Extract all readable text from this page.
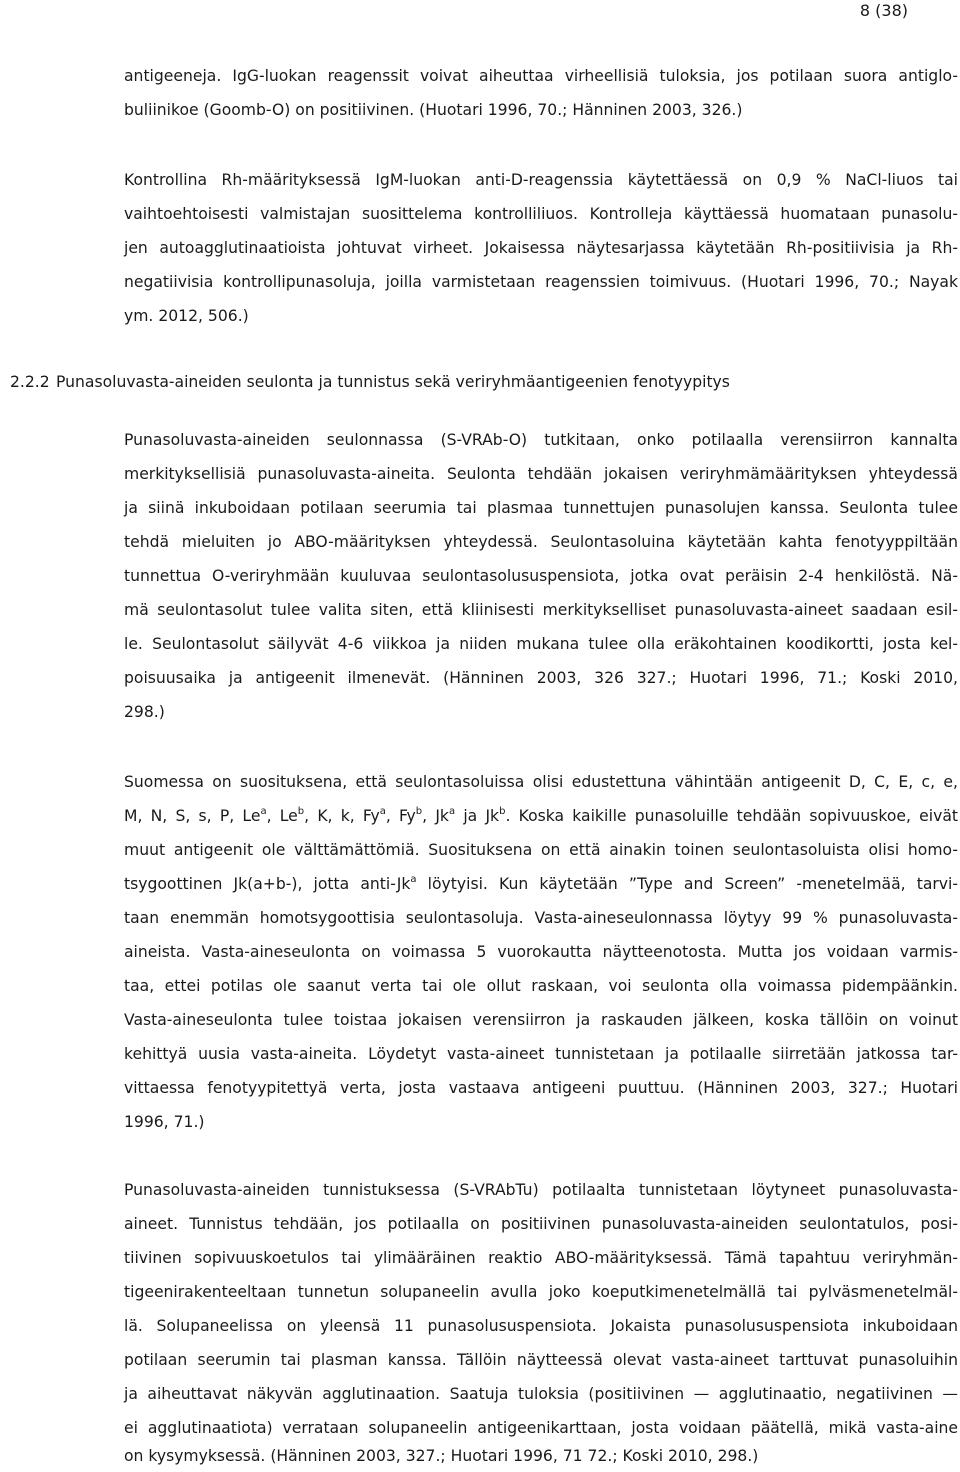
8 (38)
antigeeneja. IgG-luokan reagenssit voivat aiheuttaa virheellisiä tuloksia, jos potilaan suora antiglo-
buliinikoe (Goomb-O) on positiivinen. (Huotari 1996, 70.; Hänninen 2003, 326.)
Kontrollina Rh-määrityksessä IgM-luokan anti-D-reagenssia käytettäessä on 0,9 % NaCl-liuos tai
vaihtoehtoisesti valmistajan suosittelema kontrolliliuos. Kontrolleja käyttäessä huomataan punasolu-
jen autoagglutinaatioista johtuvat virheet. Jokaisessa näytesarjassa käytetään Rh-positiivisia ja Rh-
negatiivisia kontrollipunasoluja, joilla varmistetaan reagenssien toimivuus. (Huotari 1996, 70.; Nayak
ym. 2012, 506.)
2.2.2 Punasoluvasta-aineiden seulonta ja tunnistus sekä veriryhmäantigeenien fenotyypitys
Punasoluvasta-aineiden seulonnassa (S-VRAb-O) tutkitaan, onko potilaalla verensiirron kannalta
merkityksellisiä punasoluvasta-aineita. Seulonta tehdään jokaisen veriryhmämäärityksen yhteydessä
ja siinä inkuboidaan potilaan seerumia tai plasmaa tunnettujen punasolujen kanssa. Seulonta tulee
tehdä mieluiten jo ABO-määrityksen yhteydessä. Seulontasoluina käytetään kahta fenotyyppiltään
tunnettua O-veriryhmään kuuluvaa seulontasolususpensiota, jotka ovat peräisin 2-4 henkilöstä. Nä-
mä seulontasolut tulee valita siten, että kliinisesti merkitykselliset punasoluvasta-aineet saadaan esil-
le. Seulontasolut säilyvät 4-6 viikkoa ja niiden mukana tulee olla eräkohtainen koodikortti, josta kel-
poisuusaika ja antigeenit ilmenevät. (Hänninen 2003, 326 327.; Huotari 1996, 71.; Koski 2010,
298.)
Suomessa on suosituksena, että seulontasoluissa olisi edustettuna vähintään antigeenit D, C, E, c, e,
M, N, S, s, P, Le$^a$, Le$^b$, K, k, Fy$^a$, Fy$^b$, Jk$^a$ ja Jk$^b$. Koska kaikille punasoluille tehdään sopivuuskoe, eivät
muut antigeenit ole välttämättömiä. Suosituksena on että ainakin toinen seulontasoluista olisi homo-
tsygoottinen Jk(a+b-), jotta anti-Jk$^a$ löytyisi. Kun käytetään ”Type and Screen” -menetelmää, tarvi-
taan enemmän homotsygoottisia seulontasoluja. Vasta-aineseulonnassa löytyy 99 % punasoluvasta-
aineista. Vasta-aineseulonta on voimassa 5 vuorokautta näytteenotosta. Mutta jos voidaan varmis-
taa, ettei potilas ole saanut verta tai ole ollut raskaan, voi seulonta olla voimassa pidempäänkin.
Vasta-aineseulonta tulee toistaa jokaisen verensiirron ja raskauden jälkeen, koska tällöin on voinut
kehittyä uusia vasta-aineita. Löydetyt vasta-aineet tunnistetaan ja potilaalle siirretään jatkossa tar-
vittaessa fenotyypitettyä verta, josta vastaava antigeeni puuttuu. (Hänninen 2003, 327.; Huotari
1996, 71.)
Punasoluvasta-aineiden tunnistuksessa (S-VRAbTu) potilaalta tunnistetaan löytyneet punasoluvasta-
aineet. Tunnistus tehdään, jos potilaalla on positiivinen punasoluvasta-aineiden seulontatulos, posi-
tiivinen sopivuuskoetulos tai ylimääräinen reaktio ABO-määrityksessä. Tämä tapahtuu veriryhmän-
tigeenirakenteeltaan tunnetun solupaneelin avulla joko koeputkimenetelmällä tai pylväsmenetelmäl-
lä. Solupaneelissa on yleensä 11 punasolususpensiota. Jokaista punasolususpensiota inkuboidaan
potilaan seerumin tai plasman kanssa. Tällöin näytteessä olevat vasta-aineet tarttuvat punasoluihin
ja aiheuttavat näkyvän agglutinaation. Saatuja tuloksia (positiivinen — agglutinaatio, negatiivinen —
ei agglutinaatiota) verrataan solupaneelin antigeenikarttaan, josta voidaan päätellä, mikä vasta-aine
on kysymyksessä. (Hänninen 2003, 327.; Huotari 1996, 71 72.; Koski 2010, 298.)
